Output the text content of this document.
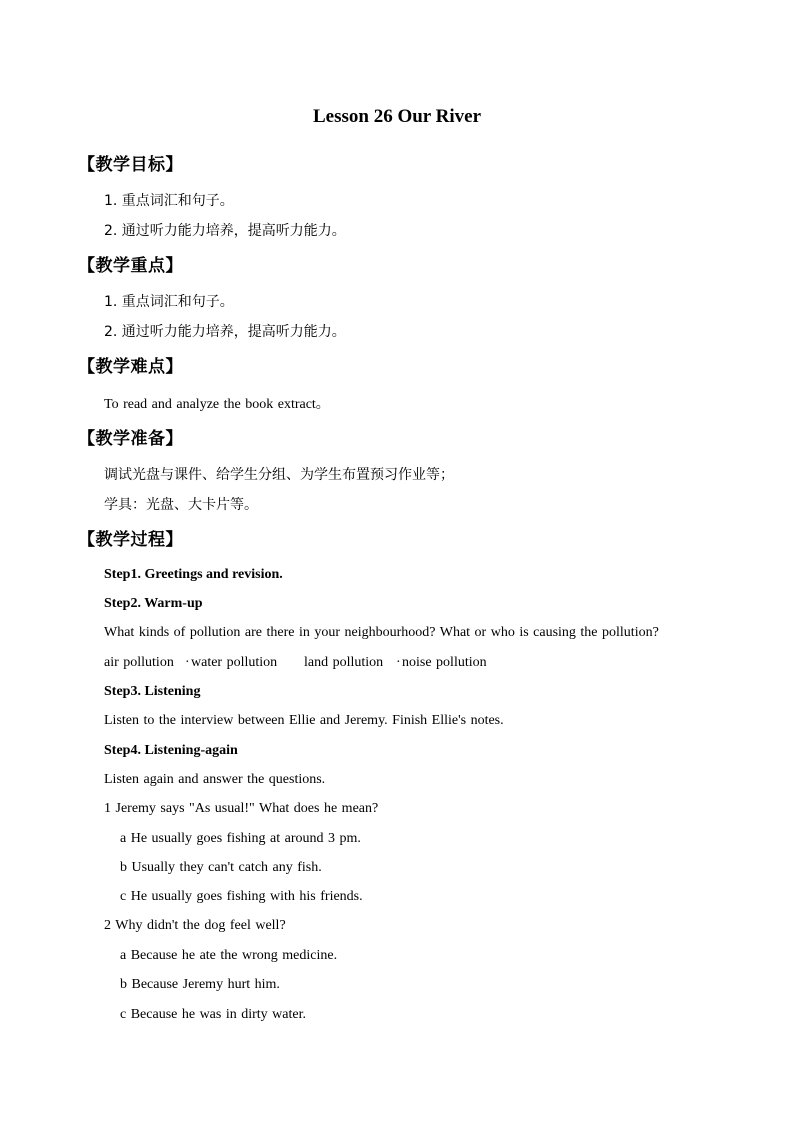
Lesson 26 Our River
【教学目标】
1. 重点词汇和句子。
2. 通过听力能力培养，提高听力能力。
【教学重点】
1. 重点词汇和句子。
2. 通过听力能力培养，提高听力能力。
【教学难点】
To read and analyze the book extract。
【教学准备】
调试光盘与课件、给学生分组、为学生布置预习作业等；
学具：光盘、大卡片等。
【教学过程】
Step1. Greetings and revision.
Step2. Warm-up
What kinds of pollution are there in your neighbourhood? What or who is causing the pollution?
air pollution · water pollution land pollution · noise pollution
Step3. Listening
Listen to the interview between Ellie and Jeremy. Finish Ellie's notes.
Step4. Listening-again
Listen again and answer the questions.
1 Jeremy says "As usual!" What does he mean?
a He usually goes fishing at around 3 pm.
b Usually they can't catch any fish.
c He usually goes fishing with his friends.
2 Why didn't the dog feel well?
a Because he ate the wrong medicine.
b Because Jeremy hurt him.
c Because he was in dirty water.
